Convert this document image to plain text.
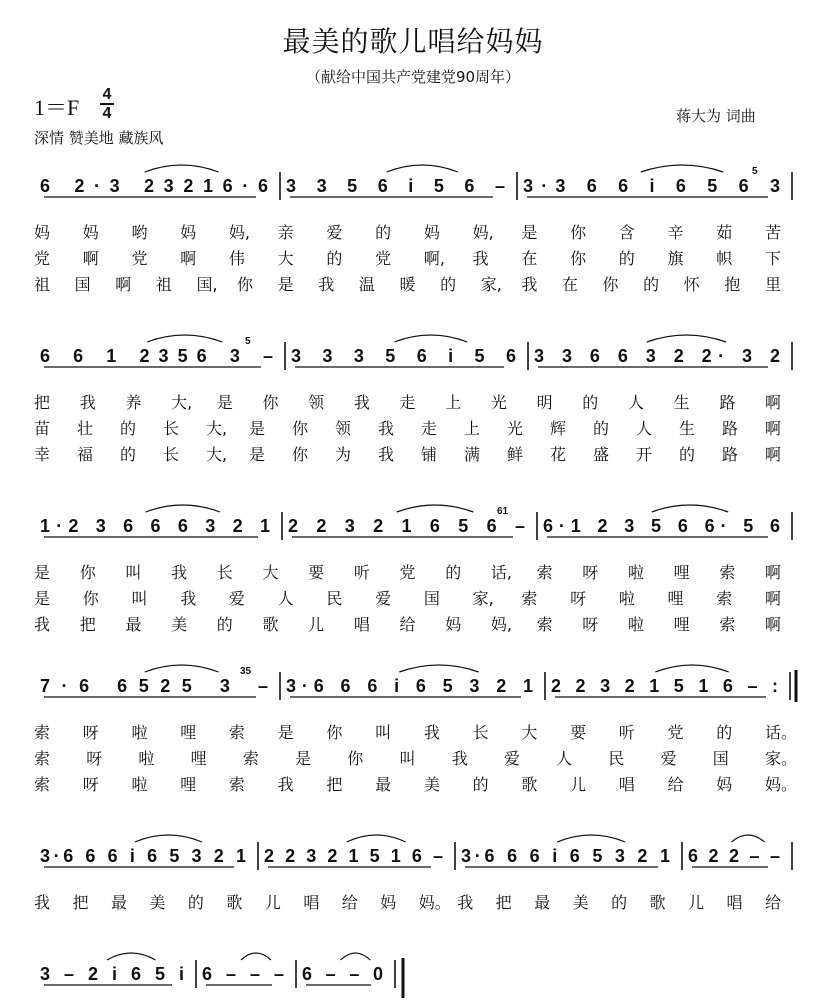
最美的歌儿唱给妈妈
（献给中国共产党建党90周年）
1＝F
4
4
深情 赞美地 藏族风
蒋大为 词曲
6 2·3 23216·6 3 3 5 6 i 5 6 – 3·3 6 6 i 6 5 6 3
5
妈 妈 哟 妈 妈, 亲 爱 的 妈 妈, 是 你 含 辛 茹 苦
党 啊 党 啊 伟 大 的 党 啊, 我 在 你 的 旗 帜 下
祖 国 啊 祖 国, 你 是 我 温 暖 的 家, 我 在 你 的 怀 抱 里
6 6 1 2356 3 –
5
3 3 3 5 6 i 5 6 3 3 6 6 3 2 2· 3 2
把 我 养 大, 是 你 领 我 走 上 光 明 的 人 生 路 啊
苗 壮 的 长 大, 是 你 领 我 走 上 光 辉 的 人 生 路 啊
幸 福 的 长 大, 是 你 为 我 铺 满 鲜 花 盛 开 的 路 啊
1·2 3 6 6 6 3 2 1 2 2 3 2 1 6 5 6 –
61
6·1 2 3 5 6 6· 5 6
是 你 叫 我 长 大 要 听 党 的 话, 索 呀 啦 哩 索 啊
是 你 叫 我 爱 人 民 爱 国 家, 索 呀 啦 哩 索 啊
我 把 最 美 的 歌 儿 唱 给 妈 妈, 索 呀 啦 哩 索 啊
7·6 6525 3 –
35
3·6 6 6 i 6 5 3 2 1 2 2 3 2 1 5 1 6 – :
索 呀 啦 哩 索 是 你 叫 我 长 大 要 听 党 的 话。
索 呀 啦 哩 索 是 你 叫 我 爱 人 民 爱 国 家。
索 呀 啦 哩 索 我 把 最 美 的 歌 儿 唱 给 妈 妈。
3·6 6 6 i 6 5 3 2 1 2 2 3 2 1 5 1 6 – 3·6 6 6 i 6 5 3 2 1 6 2 2 – –
我 把 最 美 的 歌 儿 唱 给 妈 妈。 我 把 最 美 的 歌 儿 唱 给
3 – 2 i 6 5 i 6 – – – 6 – – 0
